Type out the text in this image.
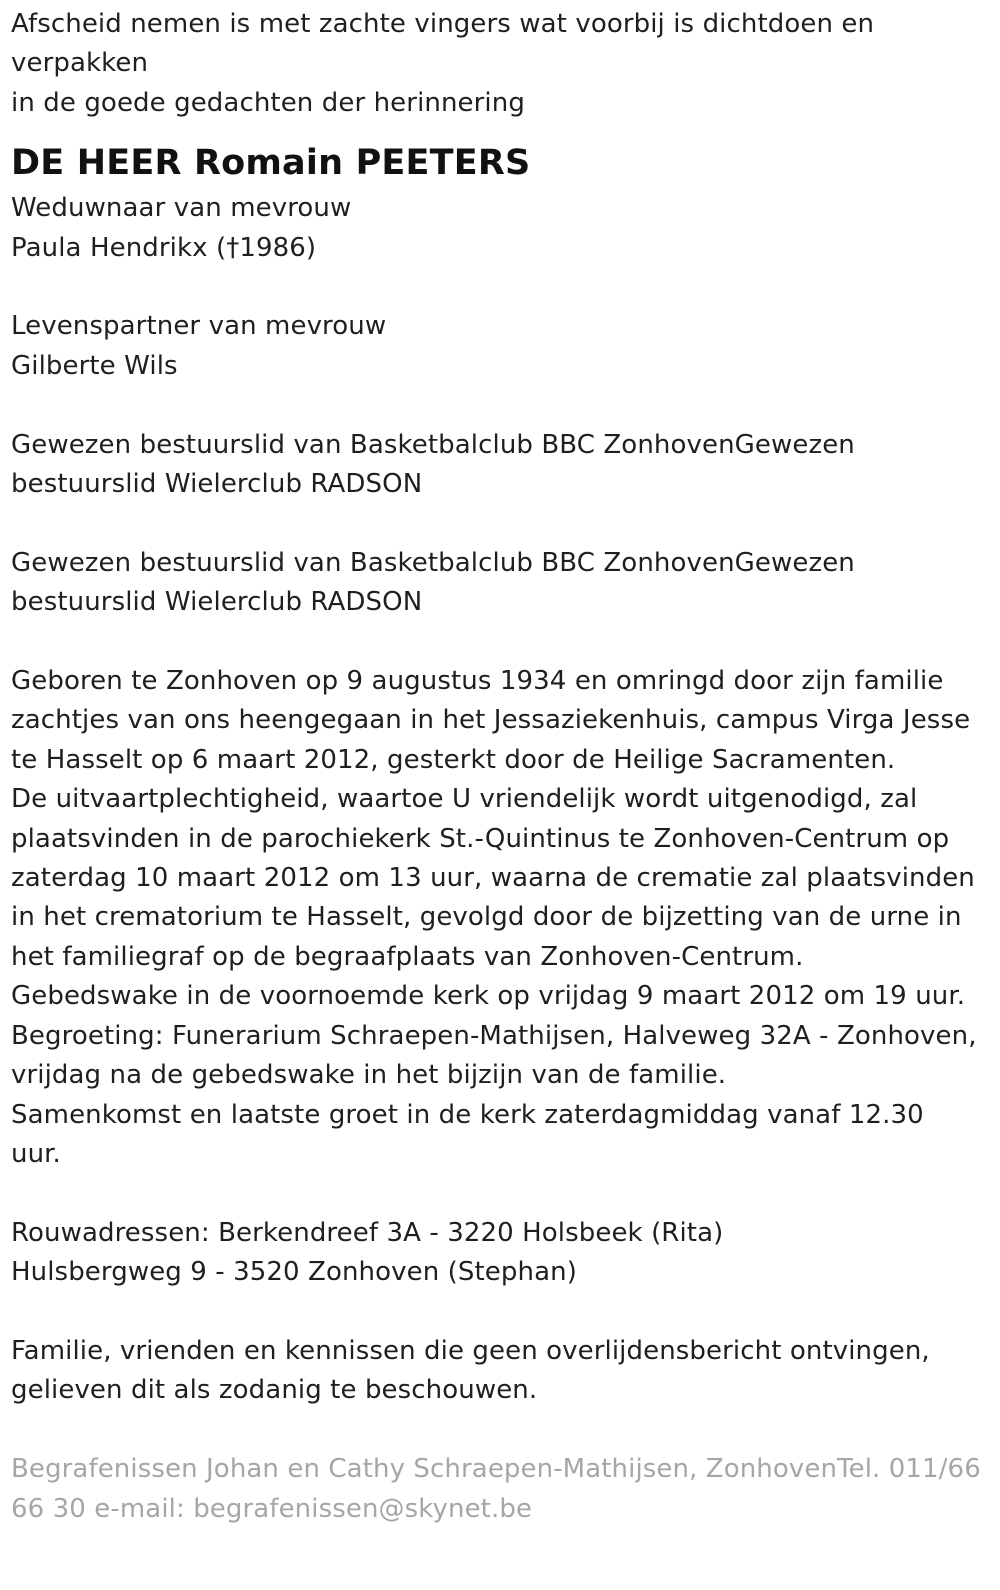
Afscheid nemen is met zachte vingers wat voorbij is dichtdoen en
verpakken
in de goede gedachten der herinnering
DE HEER Romain PEETERS
Weduwnaar van mevrouw
Paula Hendrikx (†1986)
Levenspartner van mevrouw
Gilberte Wils
Gewezen bestuurslid van Basketbalclub BBC ZonhovenGewezen
bestuurslid Wielerclub RADSON
Gewezen bestuurslid van Basketbalclub BBC ZonhovenGewezen
bestuurslid Wielerclub RADSON
Geboren te Zonhoven op 9 augustus 1934 en omringd door zijn familie
zachtjes van ons heengegaan in het Jessaziekenhuis, campus Virga Jesse
te Hasselt op 6 maart 2012, gesterkt door de Heilige Sacramenten.
De uitvaartplechtigheid, waartoe U vriendelijk wordt uitgenodigd, zal
plaatsvinden in de parochiekerk St.-Quintinus te Zonhoven-Centrum op
zaterdag 10 maart 2012 om 13 uur, waarna de crematie zal plaatsvinden
in het crematorium te Hasselt, gevolgd door de bijzetting van de urne in
het familiegraf op de begraafplaats van Zonhoven-Centrum.
Gebedswake in de voornoemde kerk op vrijdag 9 maart 2012 om 19 uur.
Begroeting: Funerarium Schraepen-Mathijsen, Halveweg 32A - Zonhoven,
vrijdag na de gebedswake in het bijzijn van de familie.
Samenkomst en laatste groet in de kerk zaterdagmiddag vanaf 12.30
uur.
Rouwadressen: Berkendreef 3A - 3220 Holsbeek (Rita)
Hulsbergweg 9 - 3520 Zonhoven (Stephan)
Familie, vrienden en kennissen die geen overlijdensbericht ontvingen,
gelieven dit als zodanig te beschouwen.
Begrafenissen Johan en Cathy Schraepen-Mathijsen, ZonhovenTel. 011/66
66 30 e-mail: begrafenissen@skynet.be
